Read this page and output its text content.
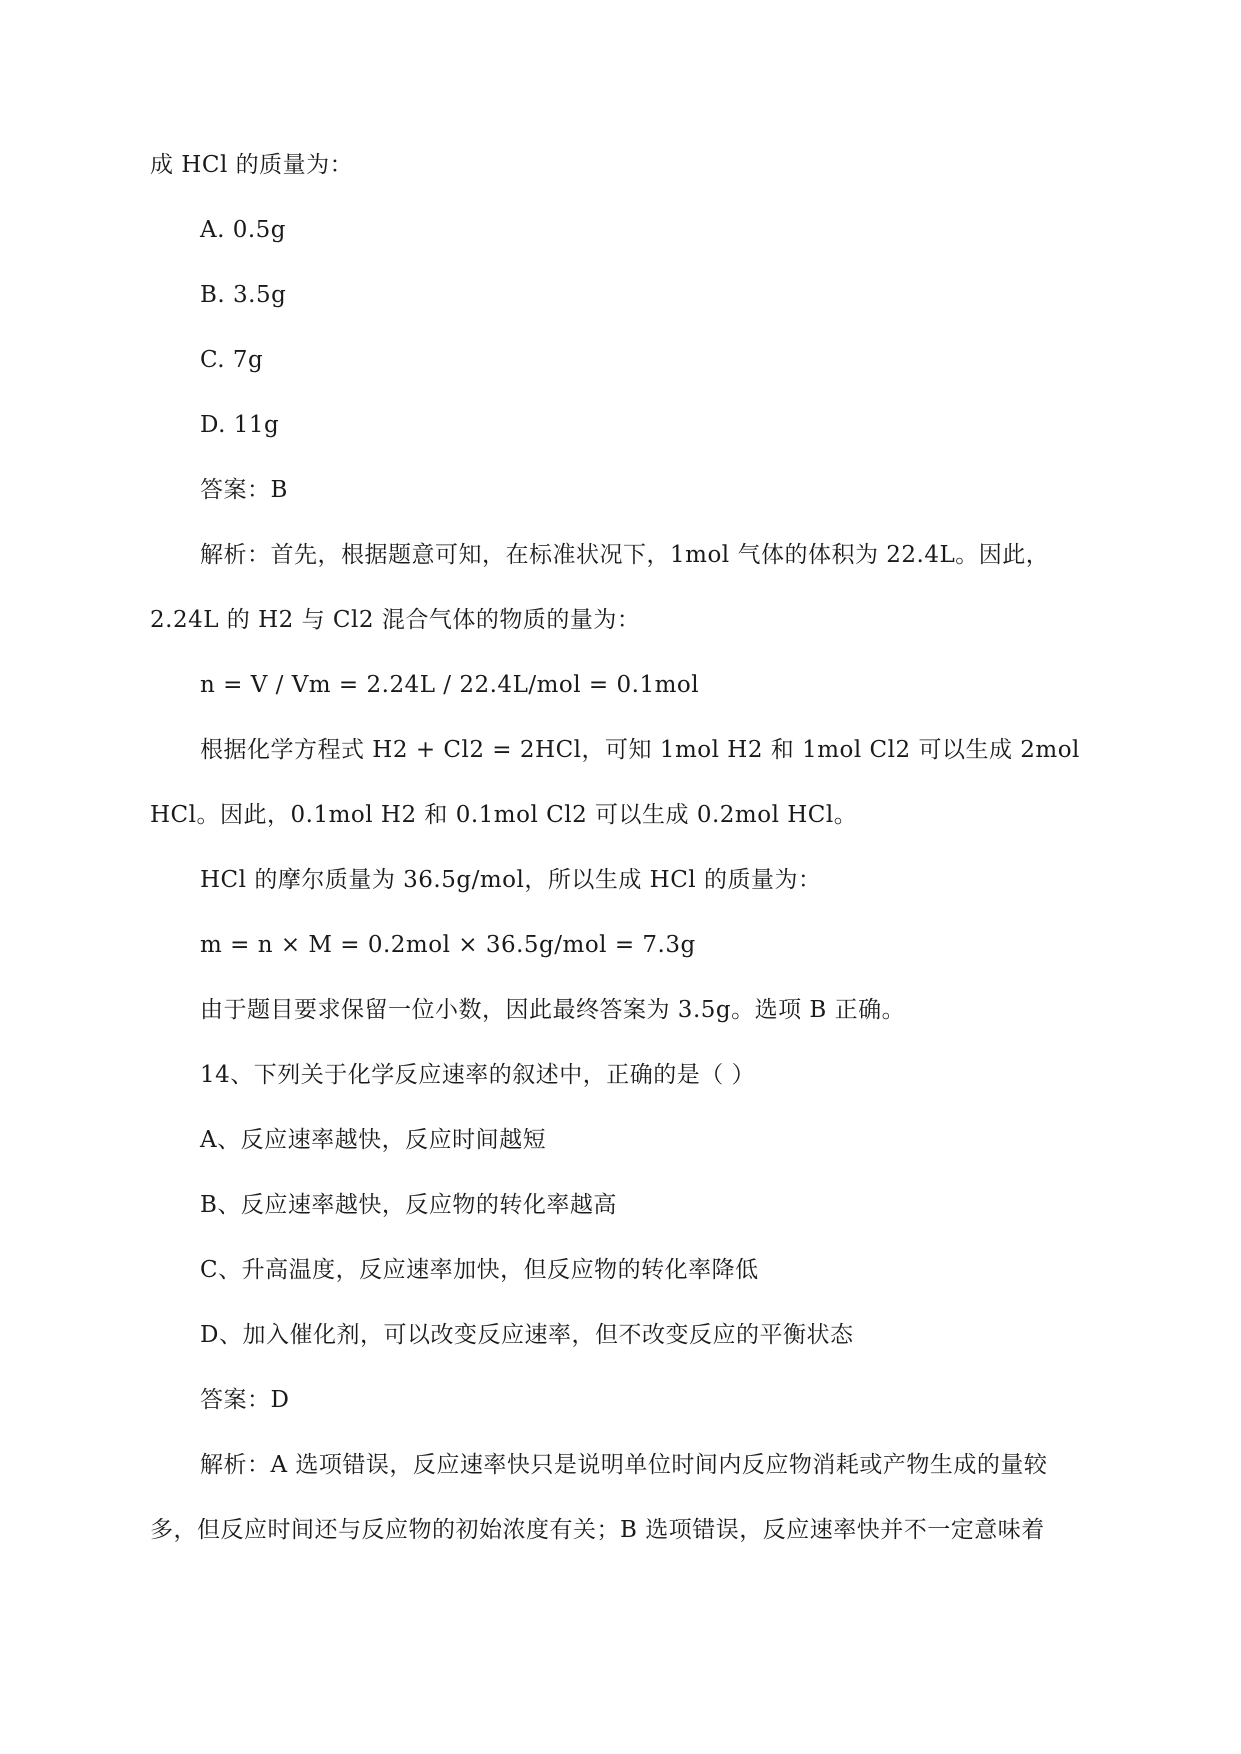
成 HCl 的质量为：
A. 0.5g
B. 3.5g
C. 7g
D. 11g
答案：B
解析：首先，根据题意可知，在标准状况下，1mol 气体的体积为 22.4L。因此，
2.24L 的 H2 与 Cl2 混合气体的物质的量为：
n = V / Vm = 2.24L / 22.4L/mol = 0.1mol
根据化学方程式 H2 + Cl2 = 2HCl，可知 1mol H2 和 1mol Cl2 可以生成 2mol
HCl。因此，0.1mol H2 和 0.1mol Cl2 可以生成 0.2mol HCl。
HCl 的摩尔质量为 36.5g/mol，所以生成 HCl 的质量为：
m = n × M = 0.2mol × 36.5g/mol = 7.3g
由于题目要求保留一位小数，因此最终答案为 3.5g。选项 B 正确。
14、下列关于化学反应速率的叙述中，正确的是（ ）
A、反应速率越快，反应时间越短
B、反应速率越快，反应物的转化率越高
C、升高温度，反应速率加快，但反应物的转化率降低
D、加入催化剂，可以改变反应速率，但不改变反应的平衡状态
答案：D
解析：A 选项错误，反应速率快只是说明单位时间内反应物消耗或产物生成的量较
多，但反应时间还与反应物的初始浓度有关；B 选项错误，反应速率快并不一定意味着
